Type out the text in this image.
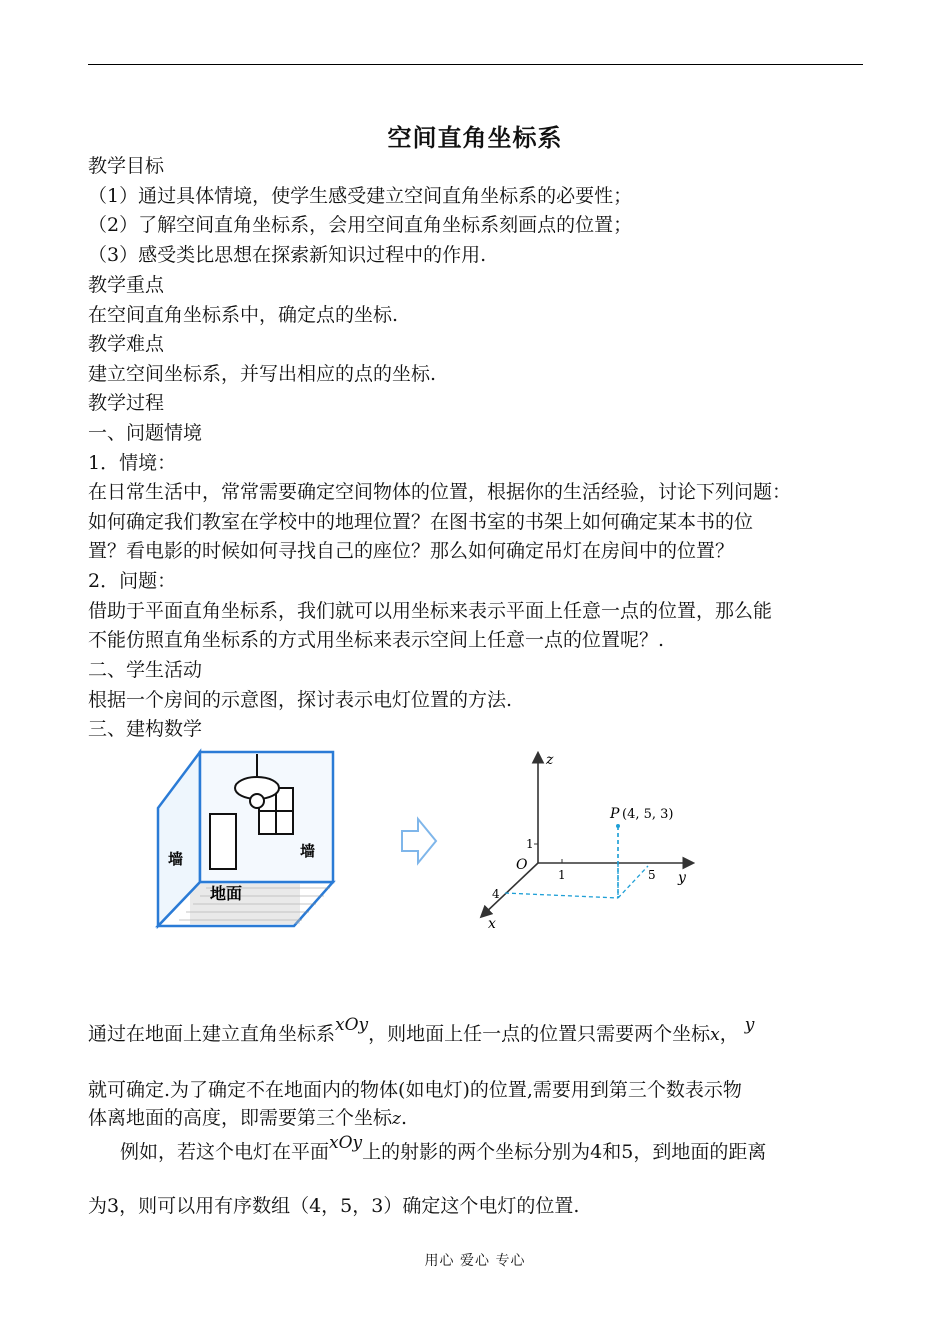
空间直角坐标系
教学目标
（1）通过具体情境，使学生感受建立空间直角坐标系的必要性；
（2）了解空间直角坐标系，会用空间直角坐标系刻画点的位置；
（3）感受类比思想在探索新知识过程中的作用.
教学重点
在空间直角坐标系中，确定点的坐标.
教学难点
建立空间坐标系，并写出相应的点的坐标.
教学过程
一、问题情境
1．情境：
在日常生活中，常常需要确定空间物体的位置，根据你的生活经验，讨论下列问题：
如何确定我们教室在学校中的地理位置？在图书室的书架上如何确定某本书的位
置？看电影的时候如何寻找自己的座位？那么如何确定吊灯在房间中的位置？
2．问题：
借助于平面直角坐标系，我们就可以用坐标来表示平面上任意一点的位置，那么能
不能仿照直角坐标系的方式用坐标来表示空间上任意一点的位置呢？.
二、学生活动
根据一个房间的示意图，探讨表示电灯位置的方法.
三、建构数学
墙	墙
地面
z
y
x
O
1
1	5
4
P (4, 5, 3)
通过在地面上建立直角坐标系xOy，则地面上任一点的位置只需要两个坐标x， y
就可确定.为了确定不在地面内的物体(如电灯)的位置,需要用到第三个数表示物
体离地面的高度，即需要第三个坐标z.
例如，若这个电灯在平面xOy上的射影的两个坐标分别为4和5，到地面的距离
为3，则可以用有序数组（4，5，3）确定这个电灯的位置.
用心 爱心 专心
